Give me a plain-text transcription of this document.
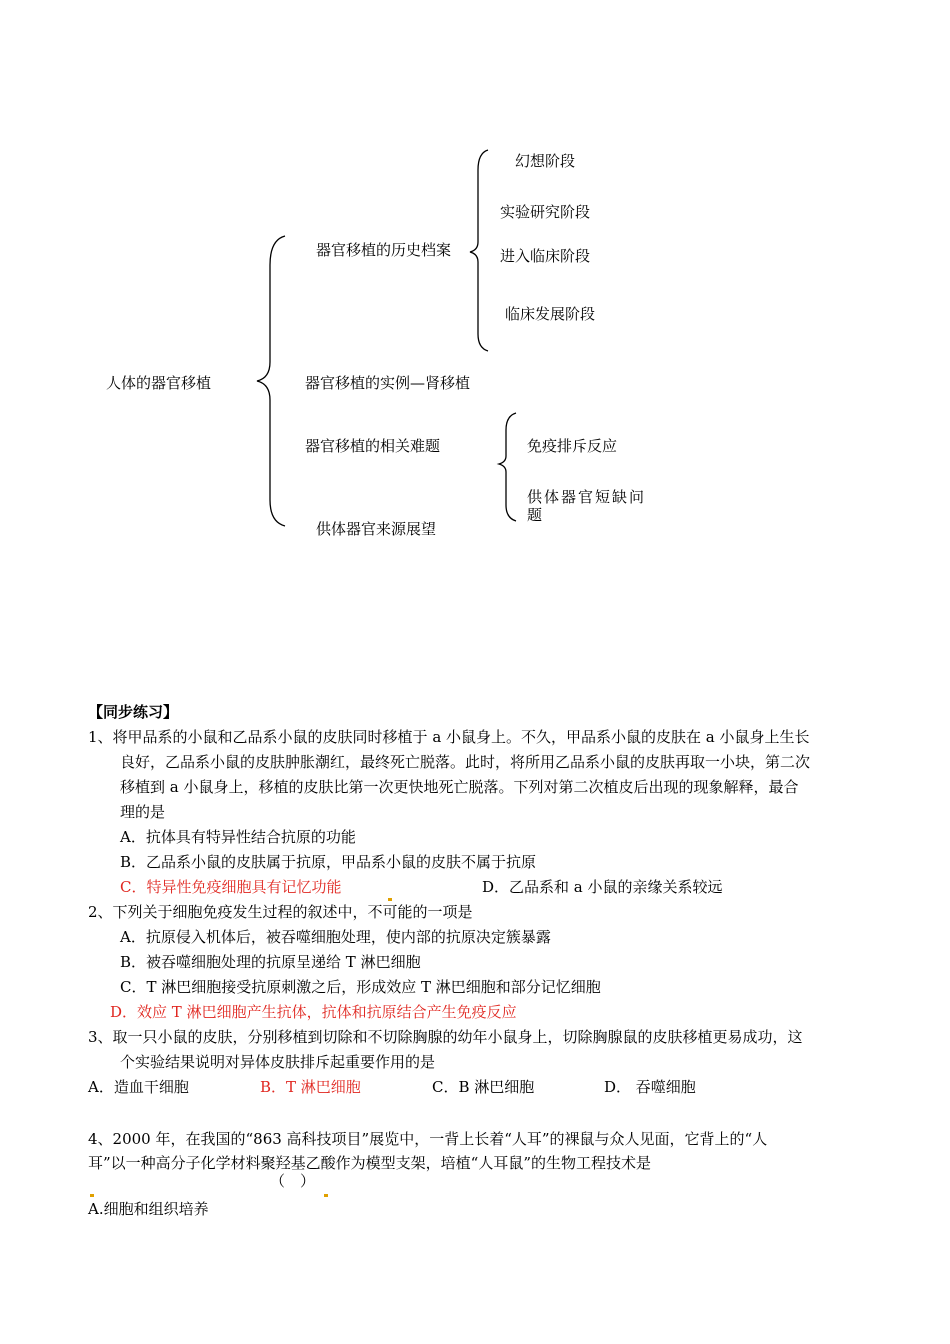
人体的器官移植
器官移植的历史档案
幻想阶段
实验研究阶段
进入临床阶段
临床发展阶段
器官移植的实例—肾移植
器官移植的相关难题	免疫排斥反应
供体器官短缺问
题
供体器官来源展望
【同步练习】
1、将甲品系的小鼠和乙品系小鼠的皮肤同时移植于 a 小鼠身上。不久，甲品系小鼠的皮肤在 a 小鼠身上生长
良好，乙品系小鼠的皮肤肿胀潮红，最终死亡脱落。此时，将所用乙品系小鼠的皮肤再取一小块，第二次
移植到 a 小鼠身上，移植的皮肤比第一次更快地死亡脱落。下列对第二次植皮后出现的现象解释，最合
理的是
A．抗体具有特异性结合抗原的功能
B．乙品系小鼠的皮肤属于抗原，甲品系小鼠的皮肤不属于抗原
C．特异性免疫细胞具有记忆功能	D．乙品系和 a 小鼠的亲缘关系较远
2、下列关于细胞免疫发生过程的叙述中，不可能的一项是
A．抗原侵入机体后，被吞噬细胞处理，使内部的抗原决定簇暴露
B．被吞噬细胞处理的抗原呈递给 T 淋巴细胞
C．T 淋巴细胞接受抗原刺激之后，形成效应 T 淋巴细胞和部分记忆细胞
D．效应 T 淋巴细胞产生抗体，抗体和抗原结合产生免疫反应
3、取一只小鼠的皮肤，分别移植到切除和不切除胸腺的幼年小鼠身上，切除胸腺鼠的皮肤移植更易成功，这
个实验结果说明对异体皮肤排斥起重要作用的是
A．造血干细胞	B．T 淋巴细胞	C．B 淋巴细胞	D． 吞噬细胞
4、2000 年，在我国的“863 高科技项目”展览中，一背上长着“人耳”的裸鼠与众人见面，它背上的“人
耳”以一种高分子化学材料聚羟基乙酸作为模型支架，培植“人耳鼠”的生物工程技术是
（　）
A.细胞和组织培养
